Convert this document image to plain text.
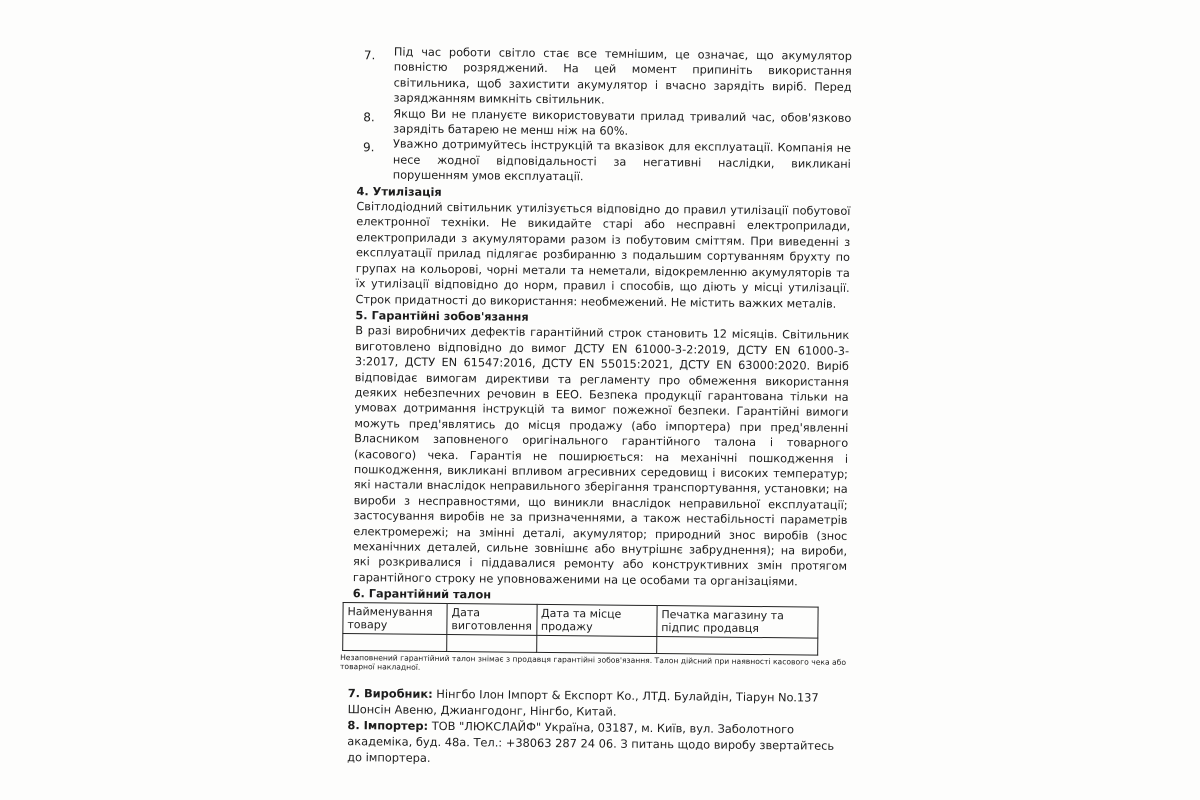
7. Під час роботи світло стає все темнішим, це означає, що акумулятор повністю розряджений. На цей момент припиніть використання світильника, щоб захистити акумулятор і вчасно зарядіть виріб. Перед заряджанням вимкніть світильник.

8. Якщо Ви не плануєте використовувати прилад тривалий час, обов'язково зарядіть батарею не менш ніж на 60%.

9. Уважно дотримуйтесь інструкцій та вказівок для експлуатації. Компанія не несе жодної відповідальності за негативні наслідки, викликані порушенням умов експлуатації.

4. Утилізація

Світлодіодний світильник утилізується відповідно до правил утилізації побутової електронної техніки. Не викидайте старі або несправні електроприлади, електроприлади з акумуляторами разом із побутовим сміттям. При виведенні з експлуатації прилад підлягає розбиранню з подальшим сортуванням брухту по групах на кольорові, чорні метали та неметали, відокремленню акумуляторів та їх утилізації відповідно до норм, правил і способів, що діють у місці утилізації. Строк придатності до використання: необмежений. Не містить важких металів.

5. Гарантійні зобов'язання

В разі виробничих дефектів гарантійний строк становить 12 місяців. Світильник виготовлено відповідно до вимог ДСТУ EN 61000-3-2:2019, ДСТУ EN 61000-3-3:2017, ДСТУ EN 61547:2016, ДСТУ EN 55015:2021, ДСТУ EN 63000:2020. Виріб відповідає вимогам директиви та регламенту про обмеження використання деяких небезпечних речовин в ЕЕО. Безпека продукції гарантована тільки на умовах дотримання інструкцій та вимог пожежної безпеки. Гарантійні вимоги можуть пред'являтись до місця продажу (або імпортера) при пред'явленні Власником заповненого оригінального гарантійного талона і товарного (касового) чека. Гарантія не поширюється: на механічні пошкодження і пошкодження, викликані впливом агресивних середовищ і високих температур; які настали внаслідок неправильного зберігання транспортування, установки; на вироби з несправностями, що виникли внаслідок неправильної експлуатації; застосування виробів не за призначеннями, а також нестабільності параметрів електромережі; на змінні деталі, акумулятор; природний знос виробів (знос механічних деталей, сильне зовнішнє або внутрішнє забруднення); на вироби, які розкривалися і піддавалися ремонту або конструктивних змін протягом гарантійного строку не уповноваженими на це особами та організаціями.

6. Гарантійний талон
Найменування товару	Дата виготовлення	Дата та місце продажу	Печатка магазину та підпис продавця

Незаповнений гарантійний талон знімає з продавця гарантійні зобов'язання. Талон дійсний при наявності касового чека або товарної накладної.

7. Виробник: Нінгбо Ілон Імпорт & Експорт Ко., ЛТД. Булайдін, Тіарун No.137 Шонсін Авеню, Джиангодонг, Нінгбо, Китай.

8. Імпортер: ТОВ "ЛЮКСЛАЙФ" Україна, 03187, м. Київ, вул. Заболотного академіка, буд. 48а. Тел.: +38063 287 24 06. З питань щодо виробу звертайтесь до імпортера.
